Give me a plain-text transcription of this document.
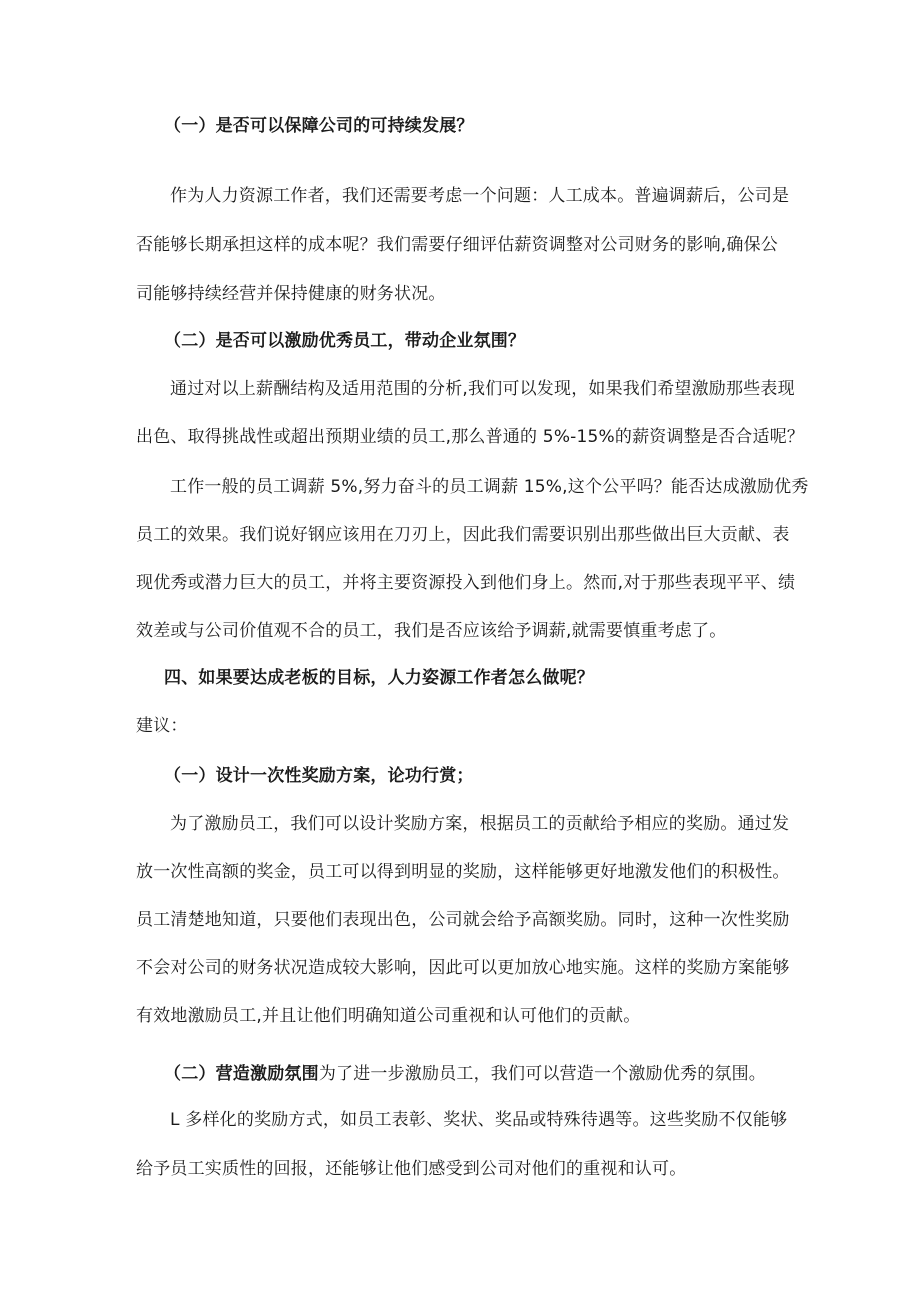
（一）是否可以保障公司的可持续发展？

作为人力资源工作者，我们还需要考虑一个问题：人工成本。普遍调薪后，公司是

否能够长期承担这样的成本呢？我们需要仔细评估薪资调整对公司财务的影响,确保公

司能够持续经营并保持健康的财务状况。

（二）是否可以激励优秀员工，带动企业氛围？

通过对以上薪酬结构及适用范围的分析,我们可以发现，如果我们希望激励那些表现

出色、取得挑战性或超出预期业绩的员工,那么普通的 5%-15%的薪资调整是否合适呢？

工作一般的员工调薪 5%,努力奋斗的员工调薪 15%,这个公平吗？能否达成激励优秀

员工的效果。我们说好钢应该用在刀刃上，因此我们需要识别出那些做出巨大贡献、表

现优秀或潜力巨大的员工，并将主要资源投入到他们身上。然而,对于那些表现平平、绩

效差或与公司价值观不合的员工，我们是否应该给予调薪,就需要慎重考虑了。

四、如果要达成老板的目标，人力姿源工作者怎么做呢？

建议：

（一）设计一次性奖励方案，论功行赏；

为了激励员工，我们可以设计奖励方案，根据员工的贡献给予相应的奖励。通过发

放一次性高额的奖金，员工可以得到明显的奖励，这样能够更好地激发他们的积极性。

员工清楚地知道，只要他们表现出色，公司就会给予高额奖励。同时，这种一次性奖励

不会对公司的财务状况造成较大影响，因此可以更加放心地实施。这样的奖励方案能够

有效地激励员工,并且让他们明确知道公司重视和认可他们的贡献。

（二）营造激励氛围为了进一步激励员工，我们可以营造一个激励优秀的氛围。

L 多样化的奖励方式，如员工表彰、奖状、奖品或特殊待遇等。这些奖励不仅能够

给予员工实质性的回报，还能够让他们感受到公司对他们的重视和认可。
